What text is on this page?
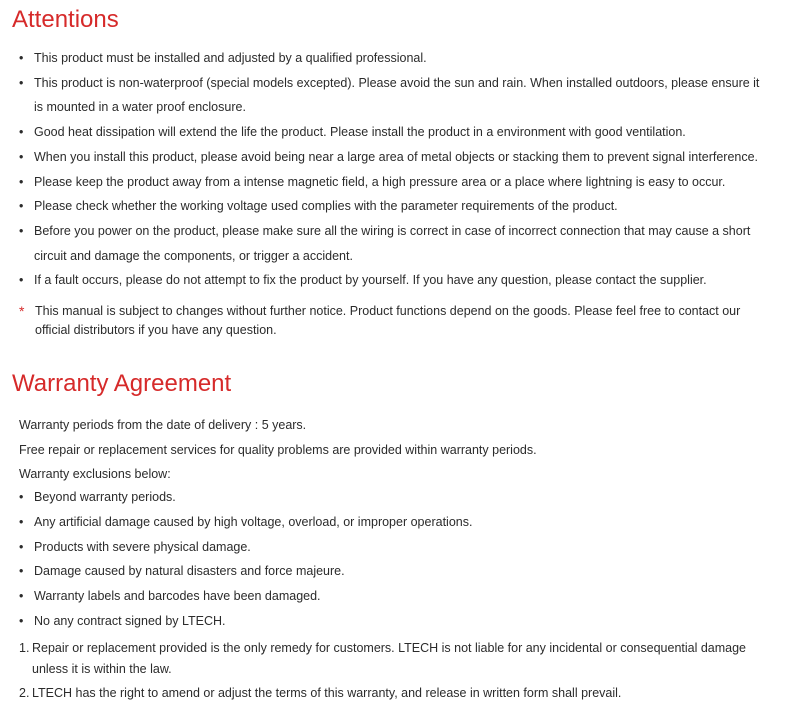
Attentions
• This product must be installed and adjusted by a qualified professional.
• This product is non-waterproof (special models excepted). Please avoid the sun and rain. When installed outdoors, please ensure it is mounted in a water proof enclosure.
• Good heat dissipation will extend the life the product. Please install the product in a environment with good ventilation.
• When you install this product, please avoid being near a large area of metal objects or stacking them to prevent signal interference.
• Please keep the product away from a intense magnetic field, a high pressure area or a place where lightning is easy to occur.
• Please check whether the working voltage used complies with the parameter requirements of the product.
• Before you power on the product, please make sure all the wiring is correct in case of incorrect connection that may cause a short circuit and damage the components, or trigger a accident.
• If a fault occurs, please do not attempt to fix the product by yourself. If you have any question, please contact the supplier.
* This manual is subject to changes without further notice. Product functions depend on the goods. Please feel free to contact our official distributors if you have any question.
Warranty Agreement
Warranty periods from the date of delivery : 5 years.
Free repair or replacement services for quality problems are provided within warranty periods.
Warranty exclusions below:
• Beyond warranty periods.
• Any artificial damage caused by high voltage, overload, or improper operations.
• Products with severe physical damage.
• Damage caused by natural disasters and force majeure.
• Warranty labels and barcodes have been damaged.
• No any contract signed by LTECH.
1. Repair or replacement provided is the only remedy for customers. LTECH is not liable for any incidental or consequential damage unless it is within the law.
2. LTECH has the right to amend or adjust the terms of this warranty, and release in written form shall prevail.
